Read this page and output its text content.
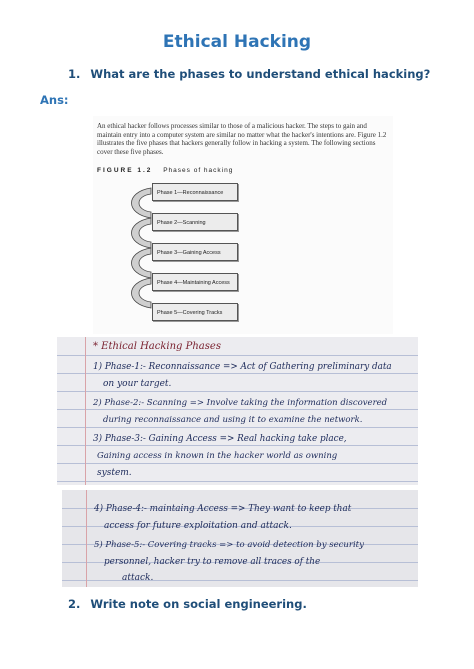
Ethical Hacking
1. What are the phases to understand ethical hacking?
Ans:
An ethical hacker follows processes similar to those of a malicious hacker. The steps to gain and maintain entry into a computer system are similar no matter what the hacker's intentions are. Figure 1.2 illustrates the five phases that hackers generally follow in hacking a system. The following sections cover these five phases.
FIGURE 1.2 Phases of hacking
Phase 1—Reconnaissance
Phase 2—Scanning
Phase 3—Gaining Access
Phase 4—Maintaining Access
Phase 5—Covering Tracks
* Ethical Hacking Phases
1) Phase-1:- Reconnaissance => Act of Gathering preliminary data
on your target.
2) Phase-2:- Scanning => Involve taking the information discovered
during reconnaissance and using it to examine the network.
3) Phase-3:- Gaining Access => Real hacking take place,
Gaining access in known in the hacker world as owning
system.
4) Phase-4:- maintaing Access => They want to keep that
access for future exploitation and attack.
5) Phase-5:- Covering tracks => to avoid detection by security
personnel, hacker try to remove all traces of the
attack.
2. Write note on social engineering.
